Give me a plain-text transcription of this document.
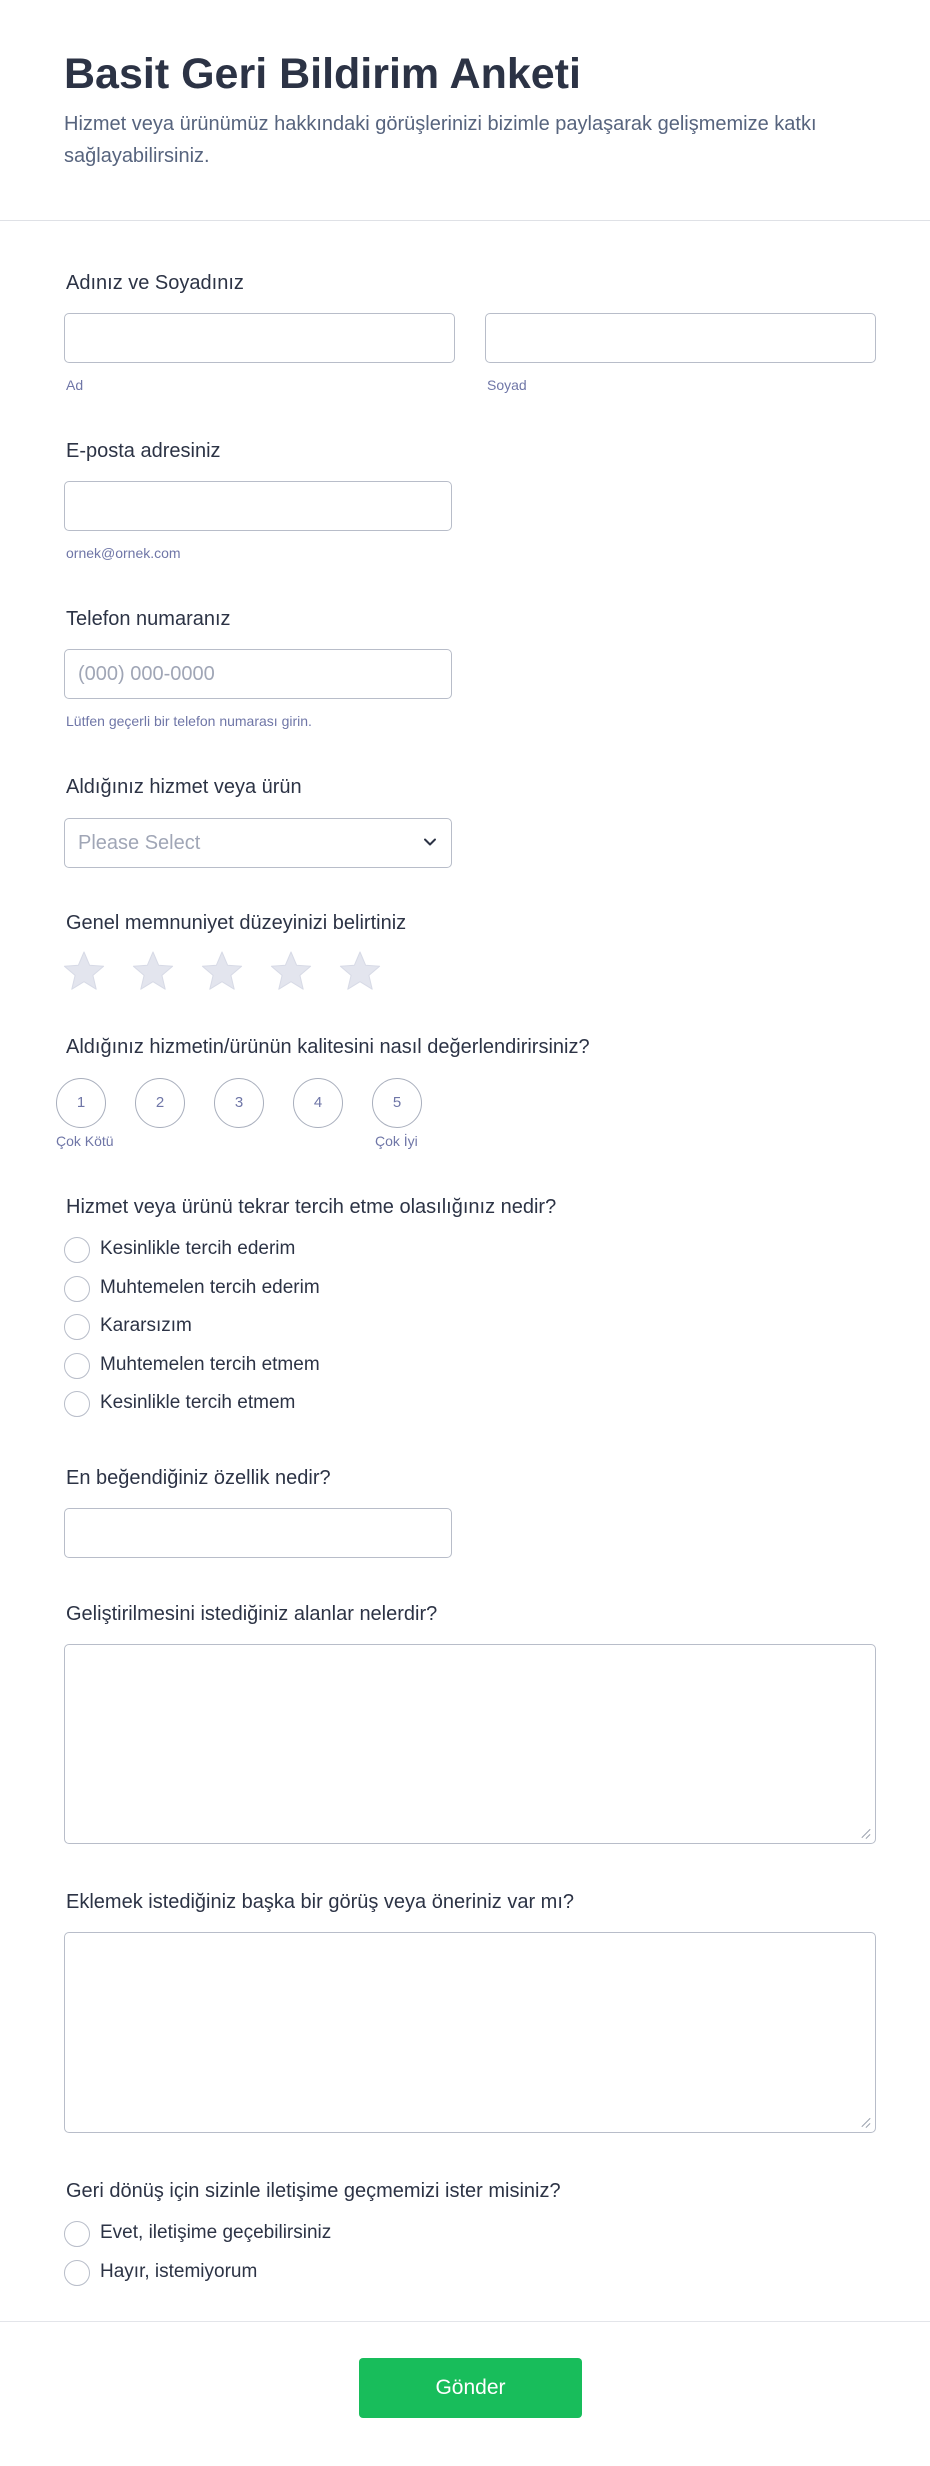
Basit Geri Bildirim Anketi

Hizmet veya ürünümüz hakkındaki görüşlerinizi bizimle paylaşarak gelişmemize katkı sağlayabilirsiniz.

Adınız ve Soyadınız
Ad	Soyad
E-posta adresiniz
ornek@ornek.com
Telefon numaranız
(000) 000-0000
Lütfen geçerli bir telefon numarası girin.
Aldığınız hizmet veya ürün
Please Select
Genel memnuniyet düzeyinizi belirtiniz
Aldığınız hizmetin/ürünün kalitesini nasıl değerlendirirsiniz?
1	2	3	4	5
Çok Kötü	Çok İyi
Hizmet veya ürünü tekrar tercih etme olasılığınız nedir?
Kesinlikle tercih ederim
Muhtemelen tercih ederim
Kararsızım
Muhtemelen tercih etmem
Kesinlikle tercih etmem
En beğendiğiniz özellik nedir?
Geliştirilmesini istediğiniz alanlar nelerdir?
Eklemek istediğiniz başka bir görüş veya öneriniz var mı?
Geri dönüş için sizinle iletişime geçmemizi ister misiniz?
Evet, iletişime geçebilirsiniz
Hayır, istemiyorum
Gönder
